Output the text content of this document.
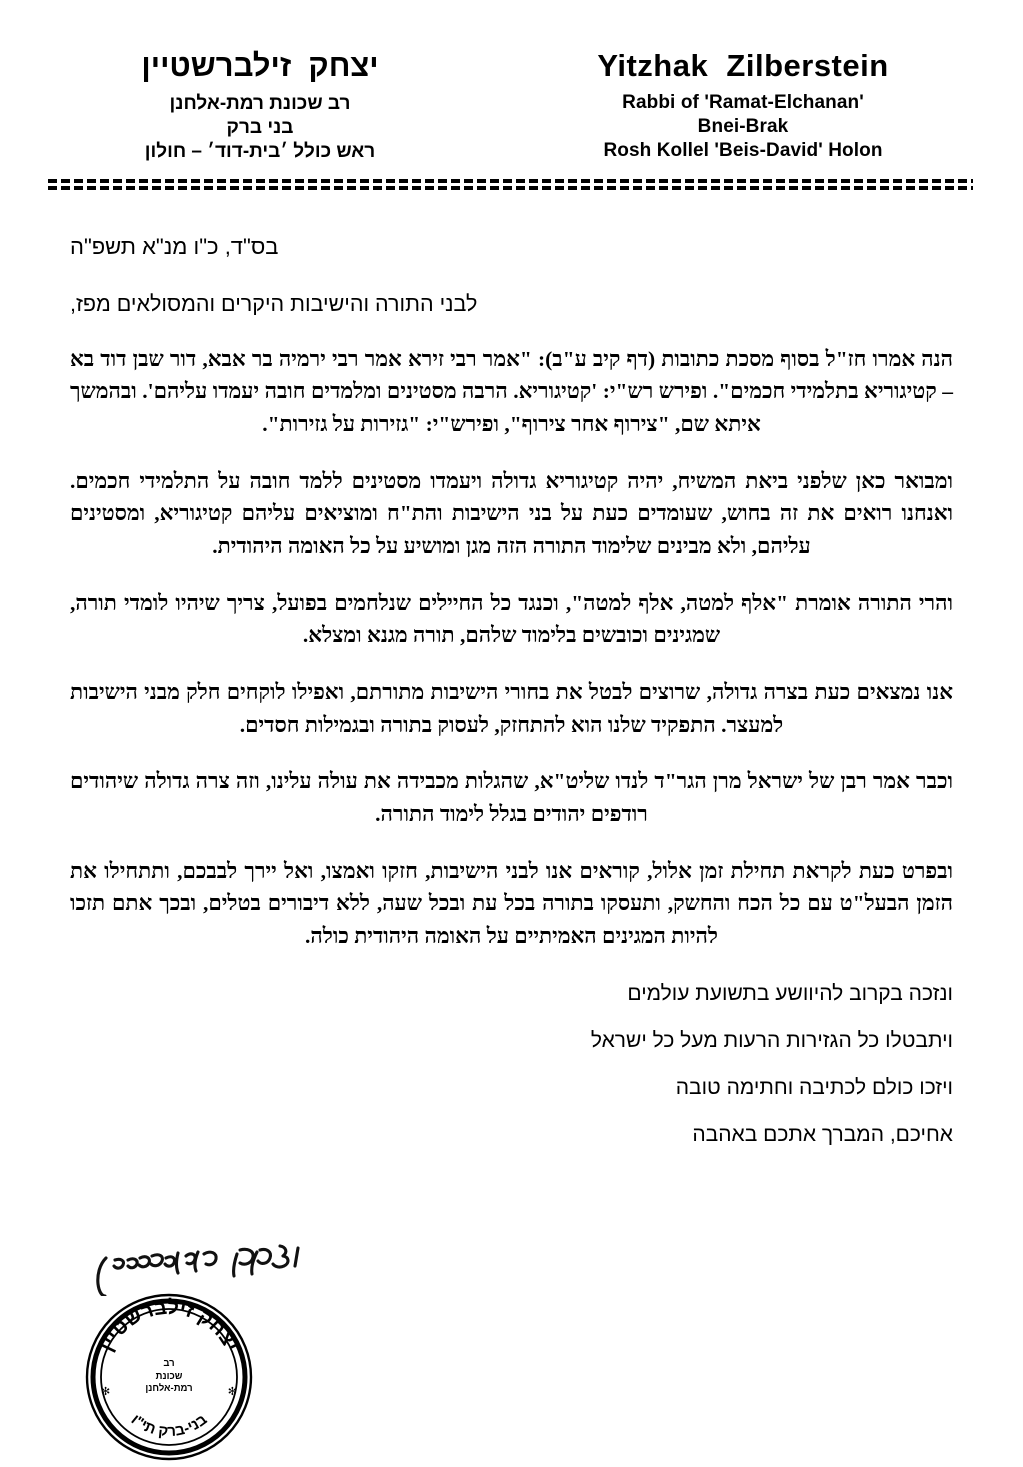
Yitzhak  Zilberstein
Rabbi of 'Ramat-Elchanan'
Bnei-Brak
Rosh Kollel 'Beis-David' Holon
יצחק  זילברשטיין
רב שכונת רמת-אלחנן
בני ברק
ראש כולל ׳בית-דוד׳ – חולון
בס"ד, כ"ו מנ"א תשפ"ה
לבני התורה והישיבות היקרים והמסולאים מפז,

הנה אמרו חז"ל בסוף מסכת כתובות (דף קיב ע"ב): "אמר רבי זירא אמר רבי ירמיה בר אבא, דור שבן דוד בא – קטיגוריא בתלמידי חכמים". ופירש רש"י: 'קטיגוריא. הרבה מסטינים ומלמדים חובה יעמדו עליהם'. ובהמשך איתא שם, "צירוף אחר צירוף", ופירש"י: "גזירות על גזירות".

ומבואר כאן שלפני ביאת המשיח, יהיה קטיגוריא גדולה ויעמדו מסטינים ללמד חובה על התלמידי חכמים. ואנחנו רואים את זה בחוש, שעומדים כעת על בני הישיבות והת"ח ומוציאים עליהם קטיגוריא, ומסטינים עליהם, ולא מבינים שלימוד התורה הזה מגן ומושיע על כל האומה היהודית.

והרי התורה אומרת "אלף למטה, אלף למטה", וכנגד כל החיילים שנלחמים בפועל, צריך שיהיו לומדי תורה, שמגינים וכובשים בלימוד שלהם, תורה מגנא ומצלא.

אנו נמצאים כעת בצרה גדולה, שרוצים לבטל את בחורי הישיבות מתורתם, ואפילו לוקחים חלק מבני הישיבות למעצר. התפקיד שלנו הוא להתחזק, לעסוק בתורה ובגמילות חסדים.

וכבר אמר רבן של ישראל מרן הגר"ד לנדו שליט"א, שהגלות מכבידה את עולה עלינו, וזה צרה גדולה שיהודים רודפים יהודים בגלל לימוד התורה.

ובפרט כעת לקראת תחילת זמן אלול, קוראים אנו לבני הישיבות, חזקו ואמצו, ואל יירך לבבכם, ותתחילו את הזמן הבעל"ט עם כל הכח והחשק, ותעסקו בתורה בכל עת ובכל שעה, ללא דיבורים בטלים, ובכך אתם תזכו להיות המגינים האמיתיים על האומה היהודית כולה.

ונזכה בקרוב להיוושע בתשועת עולמים
ויתבטלו כל הגזירות הרעות מעל כל ישראל
ויזכו כולם לכתיבה וחתימה טובה
אחיכם, המברך אתכם באהבה
יצחק זילברשטיין
בני-ברק תי"ו
רב
שכונת
רמת-אלחנן
✻	✻
